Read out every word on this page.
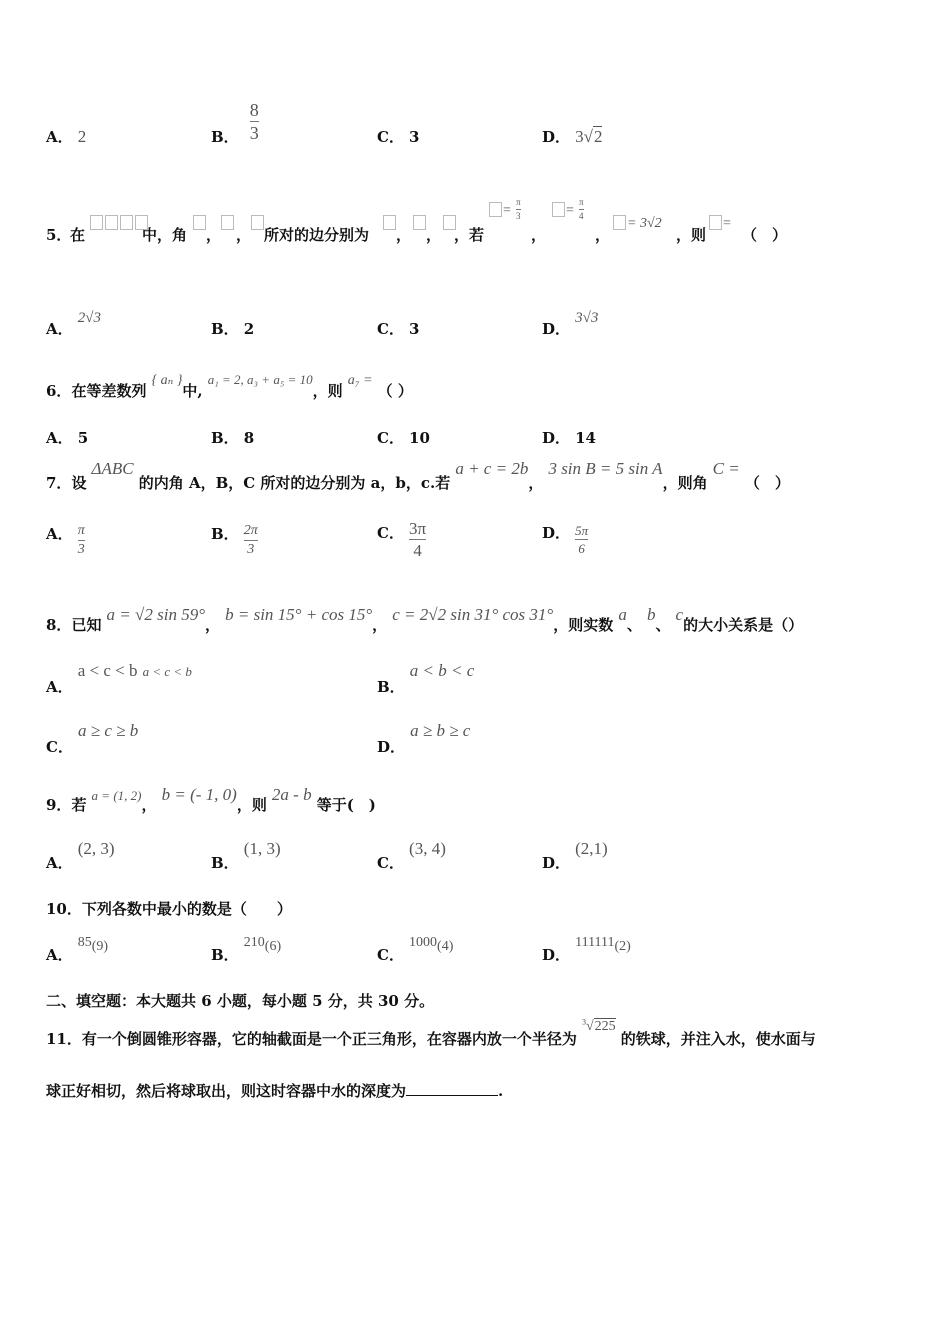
A． 2	B． $\frac{8}{3}$	C． 3	D． 3√2
5．
在	中，角 ， ， 所对的边分别为 ， ， ，若
= $\frac{\pi}{3}$
，
= $\frac{\pi}{4}$
，
= 3√2
，则
=
（　）
A． 2√3
B． 2	C． 3	D． 3√3
6．在等差数列 { aₙ }中, a₁ = 2, a₃ + a₅ = 10，则 a₇ = （ ）
A． 5	B． 8	C． 10	D． 14
7．设 ΔABC 的内角 A，B，C 所对的边分别为 a，b，c.若 a + c = 2b， 3 sin B = 5 sin A，则角 C = （　）
A． $\frac{\pi}{3}$	B． $\frac{2\pi}{3}$	C． $\frac{3\pi}{4}$	D． $\frac{5\pi}{6}$
8．已知 a = √2 sin 59°， b = sin 15° + cos 15°， c = 2√2 sin 31° cos 31°，则实数 a、 b、 c的大小关系是（）
A． a < c < b a < c < b
B． a < b < c
C． a ≥ c ≥ b
D． a ≥ b ≥ c
9．若 a = (1, 2)， b = (- 1, 0)，则 2a - b 等于(　)
A． (2, 3)
B． (1, 3)
C． (3, 4)
D． (2,1)
10．下列各数中最小的数是（　　）
A． $85_{(9)}$	B． $210_{(6)}$	C． $1000_{(4)}$	D． $111111_{(2)}$
二、填空题：本大题共 6 小题，每小题 5 分，共 30 分。
11．有一个倒圆锥形容器，它的轴截面是一个正三角形，在容器内放一个半径为 $^3$√225 的铁球，并注入水，使水面与
球正好相切，然后将球取出，则这时容器中水的深度为	.
